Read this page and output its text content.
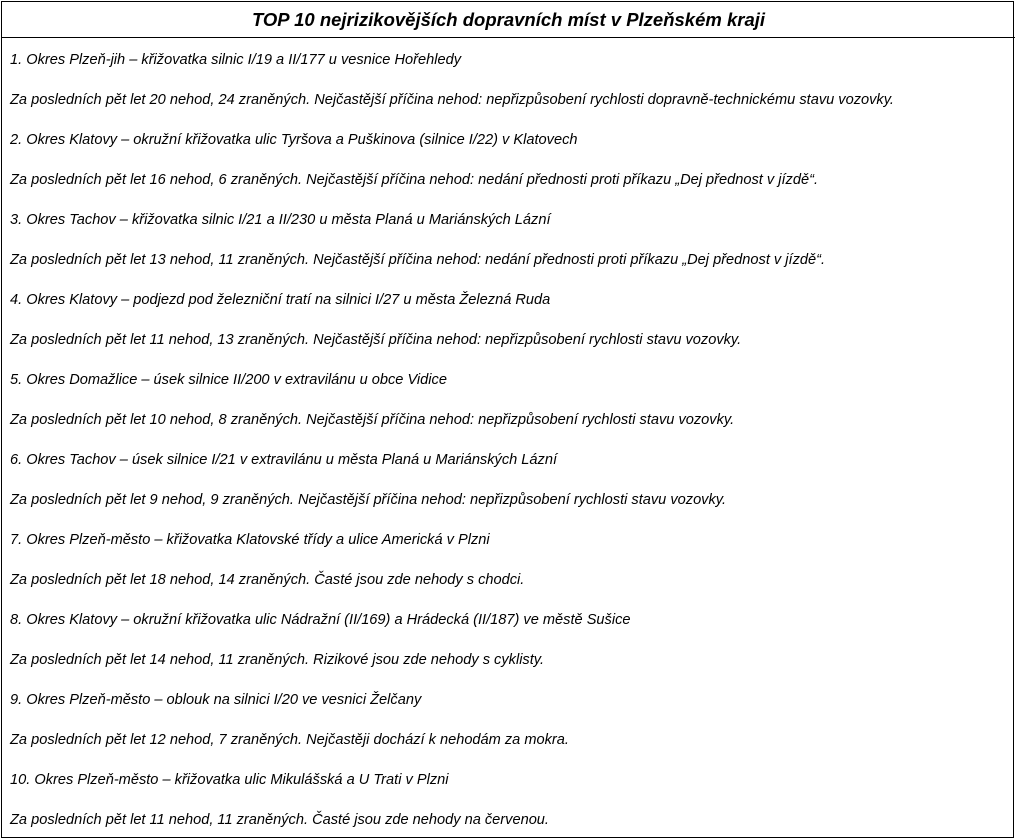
TOP 10 nejrizikovějších dopravních míst v Plzeňském kraji
1. Okres Plzeň-jih – křižovatka silnic I/19 a II/177 u vesnice Hořehledy
Za posledních pět let 20 nehod, 24 zraněných. Nejčastější příčina nehod: nepřizpůsobení rychlosti dopravně-technickému stavu vozovky.
2. Okres Klatovy – okružní křižovatka ulic Tyršova a Puškinova (silnice I/22) v Klatovech
Za posledních pět let 16 nehod, 6 zraněných. Nejčastější příčina nehod: nedání přednosti proti příkazu „Dej přednost v jízdě“.
3. Okres Tachov – křižovatka silnic I/21 a II/230 u města Planá u Mariánských Lázní
Za posledních pět let 13 nehod, 11 zraněných. Nejčastější příčina nehod: nedání přednosti proti příkazu „Dej přednost v jízdě“.
4. Okres Klatovy – podjezd pod železniční tratí na silnici I/27 u města Železná Ruda
Za posledních pět let 11 nehod, 13 zraněných. Nejčastější příčina nehod: nepřizpůsobení rychlosti stavu vozovky.
5. Okres Domažlice – úsek silnice II/200 v extravilánu u obce Vidice
Za posledních pět let 10 nehod, 8 zraněných. Nejčastější příčina nehod: nepřizpůsobení rychlosti stavu vozovky.
6. Okres Tachov – úsek silnice I/21 v extravilánu u města Planá u Mariánských Lázní
Za posledních pět let 9 nehod, 9 zraněných. Nejčastější příčina nehod: nepřizpůsobení rychlosti stavu vozovky.
7. Okres Plzeň-město – křižovatka Klatovské třídy a ulice Americká v Plzni
Za posledních pět let 18 nehod, 14 zraněných. Časté jsou zde nehody s chodci.
8. Okres Klatovy – okružní křižovatka ulic Nádražní (II/169) a Hrádecká (II/187) ve městě Sušice
Za posledních pět let 14 nehod, 11 zraněných. Rizikové jsou zde nehody s cyklisty.
9. Okres Plzeň-město – oblouk na silnici I/20 ve vesnici Želčany
Za posledních pět let 12 nehod, 7 zraněných. Nejčastěji dochází k nehodám za mokra.
10. Okres Plzeň-město – křižovatka ulic Mikulášská a U Trati v Plzni
Za posledních pět let 11 nehod, 11 zraněných. Časté jsou zde nehody na červenou.
